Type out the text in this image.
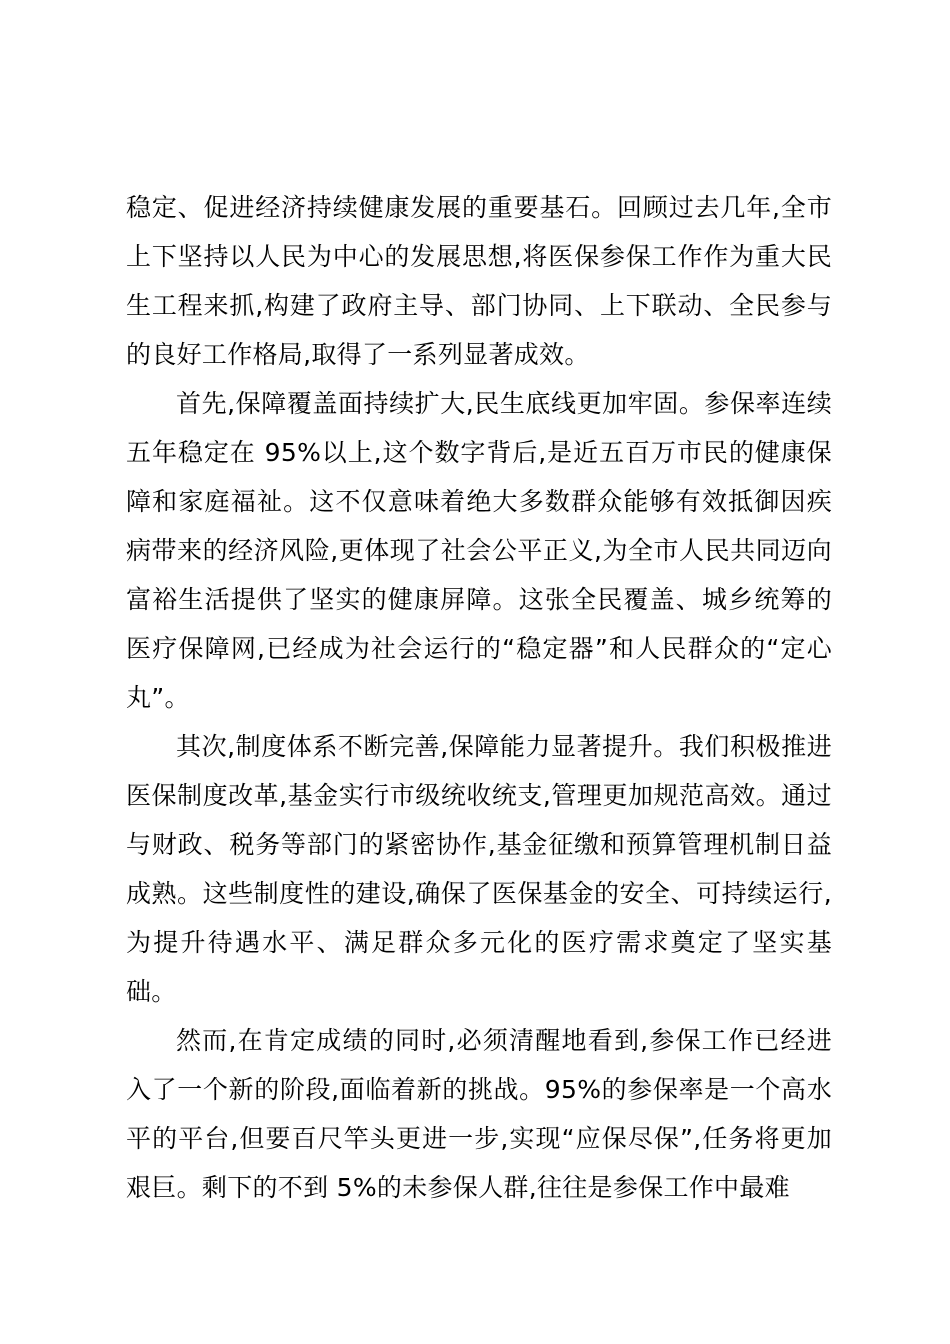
稳定、促进经济持续健康发展的重要基石。回顾过去几年,全市上下坚持以人民为中心的发展思想,将医保参保工作作为重大民生工程来抓,构建了政府主导、部门协同、上下联动、全民参与的良好工作格局,取得了一系列显著成效。

首先,保障覆盖面持续扩大,民生底线更加牢固。参保率连续五年稳定在 95%以上,这个数字背后,是近五百万市民的健康保障和家庭福祉。这不仅意味着绝大多数群众能够有效抵御因疾病带来的经济风险,更体现了社会公平正义,为全市人民共同迈向富裕生活提供了坚实的健康屏障。这张全民覆盖、城乡统筹的医疗保障网,已经成为社会运行的“稳定器”和人民群众的“定心丸”。

其次,制度体系不断完善,保障能力显著提升。我们积极推进医保制度改革,基金实行市级统收统支,管理更加规范高效。通过与财政、税务等部门的紧密协作,基金征缴和预算管理机制日益成熟。这些制度性的建设,确保了医保基金的安全、可持续运行,为提升待遇水平、满足群众多元化的医疗需求奠定了坚实基础。

然而,在肯定成绩的同时,必须清醒地看到,参保工作已经进入了一个新的阶段,面临着新的挑战。95%的参保率是一个高水平的平台,但要百尺竿头更进一步,实现“应保尽保”,任务将更加艰巨。剩下的不到 5%的未参保人群,往往是参保工作中最难
